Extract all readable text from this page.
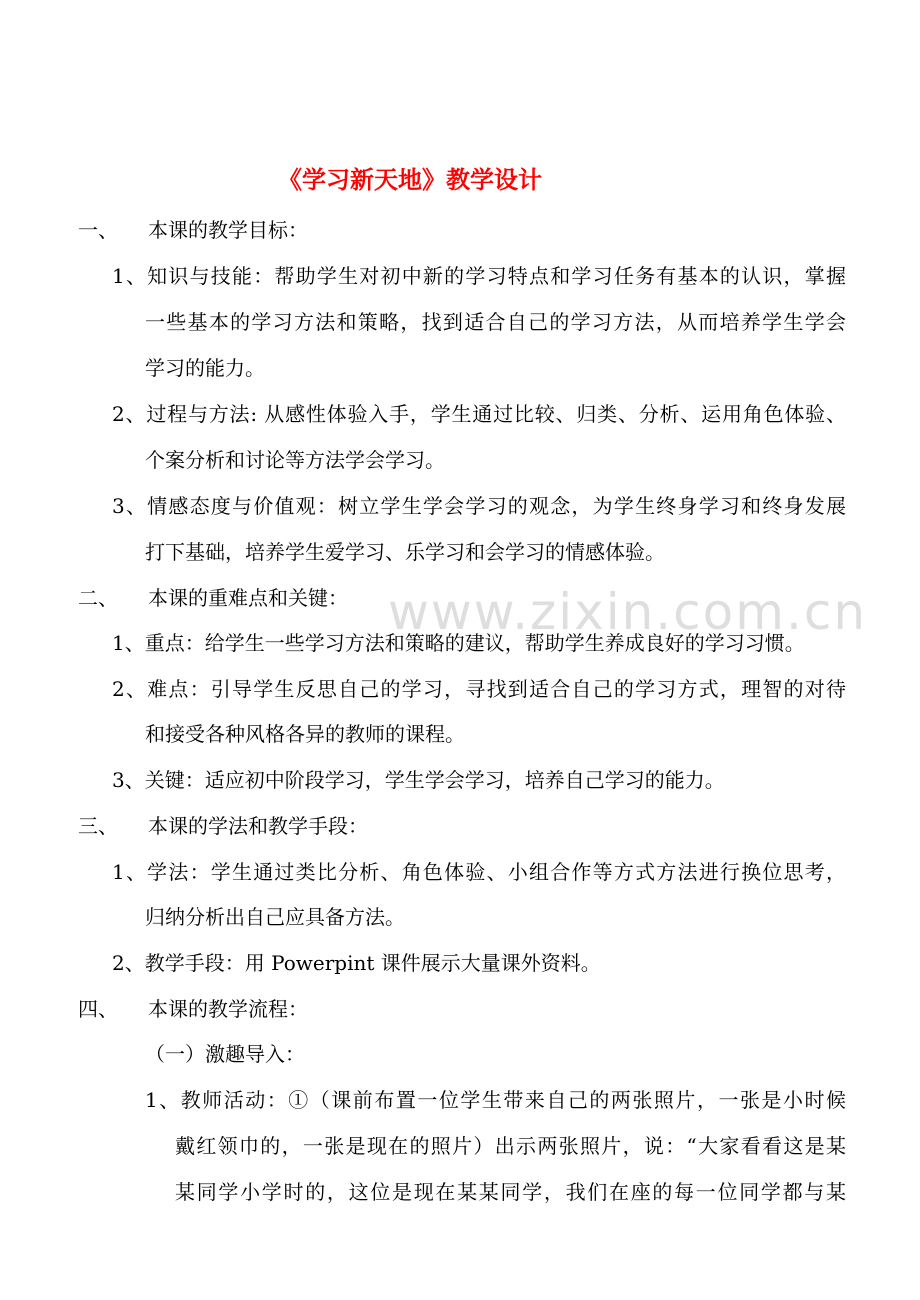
www.zixin.com.cn
《学习新天地》教学设计
一、 本课的教学目标：
1、知识与技能：帮助学生对初中新的学习特点和学习任务有基本的认识，掌握
一些基本的学习方法和策略，找到适合自己的学习方法，从而培养学生学会
学习的能力。
2、过程与方法: 从感性体验入手，学生通过比较、归类、分析、运用角色体验、
个案分析和讨论等方法学会学习。
3、情感态度与价值观：树立学生学会学习的观念，为学生终身学习和终身发展
打下基础，培养学生爱学习、乐学习和会学习的情感体验。
二、 本课的重难点和关键：
1、重点：给学生一些学习方法和策略的建议，帮助学生养成良好的学习习惯。
2、难点：引导学生反思自己的学习，寻找到适合自己的学习方式，理智的对待
和接受各种风格各异的教师的课程。
3、关键：适应初中阶段学习，学生学会学习，培养自己学习的能力。
三、 本课的学法和教学手段：
1、学法：学生通过类比分析、角色体验、小组合作等方式方法进行换位思考，
归纳分析出自己应具备方法。
2、教学手段：用 Powerpint 课件展示大量课外资料。
四、 本课的教学流程：
（一）激趣导入：
1、教师活动：①（课前布置一位学生带来自己的两张照片，一张是小时候
戴红领巾的，一张是现在的照片）出示两张照片，说：“大家看看这是某
某同学小学时的，这位是现在某某同学，我们在座的每一位同学都与某
